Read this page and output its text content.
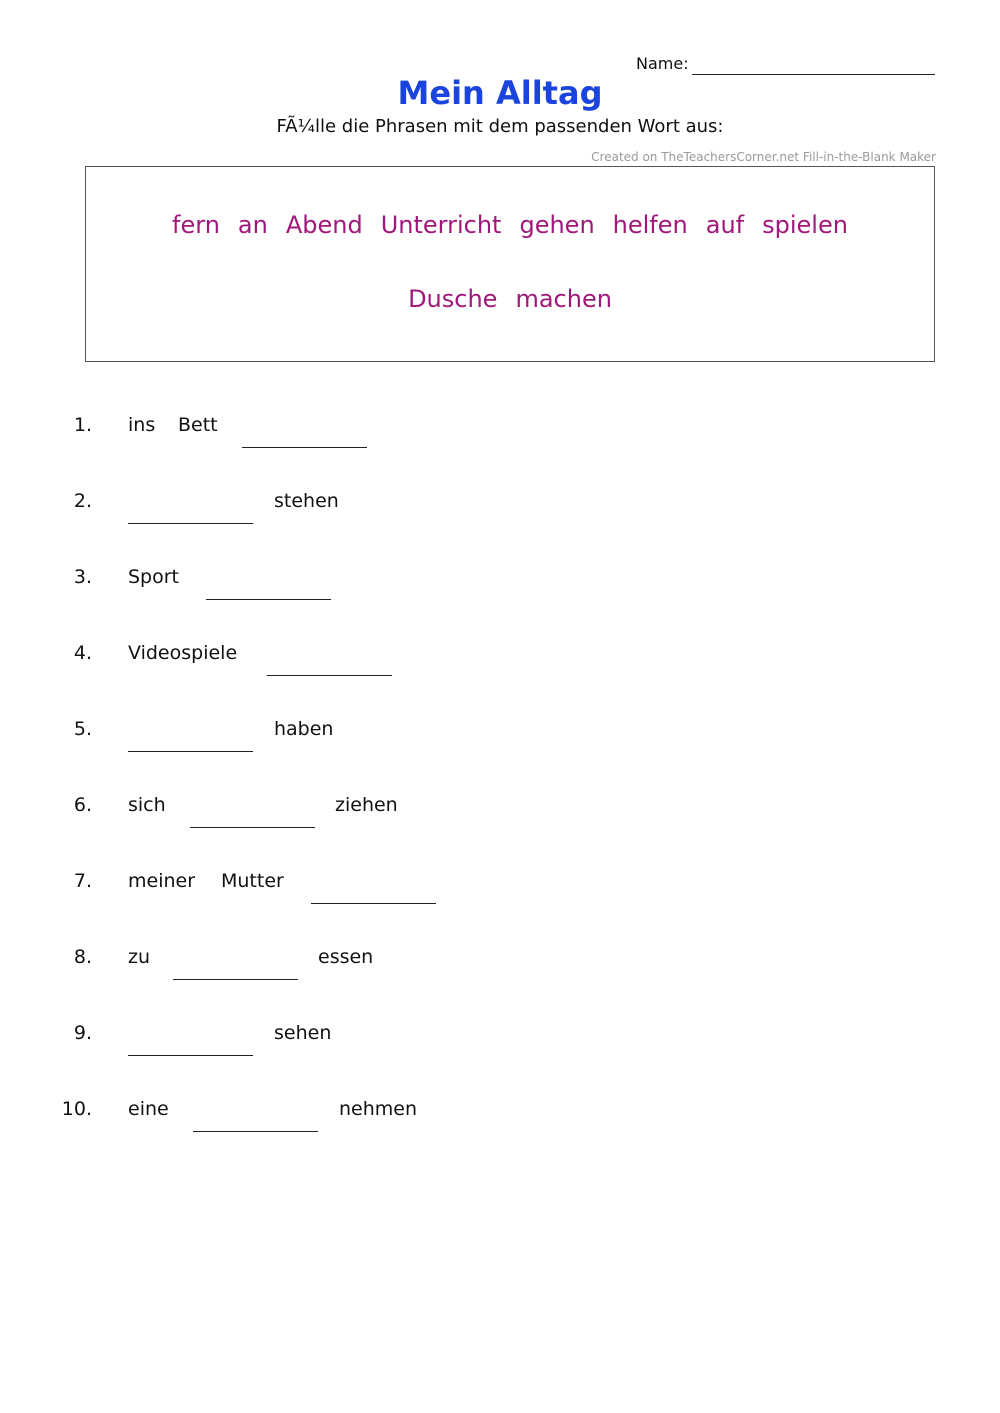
Name:
Mein Alltag
FÃ¼lle die Phrasen mit dem passenden Wort aus:
Created on TheTeachersCorner.net Fill-in-the-Blank Maker
fern an Abend Unterricht gehen helfen auf spielen
Dusche machen
1. ins Bett
2.	stehen
3. Sport
4. Videospiele
5.	haben
6. sich	ziehen
7. meiner Mutter
8. zu	essen
9.	sehen
10. eine	nehmen
